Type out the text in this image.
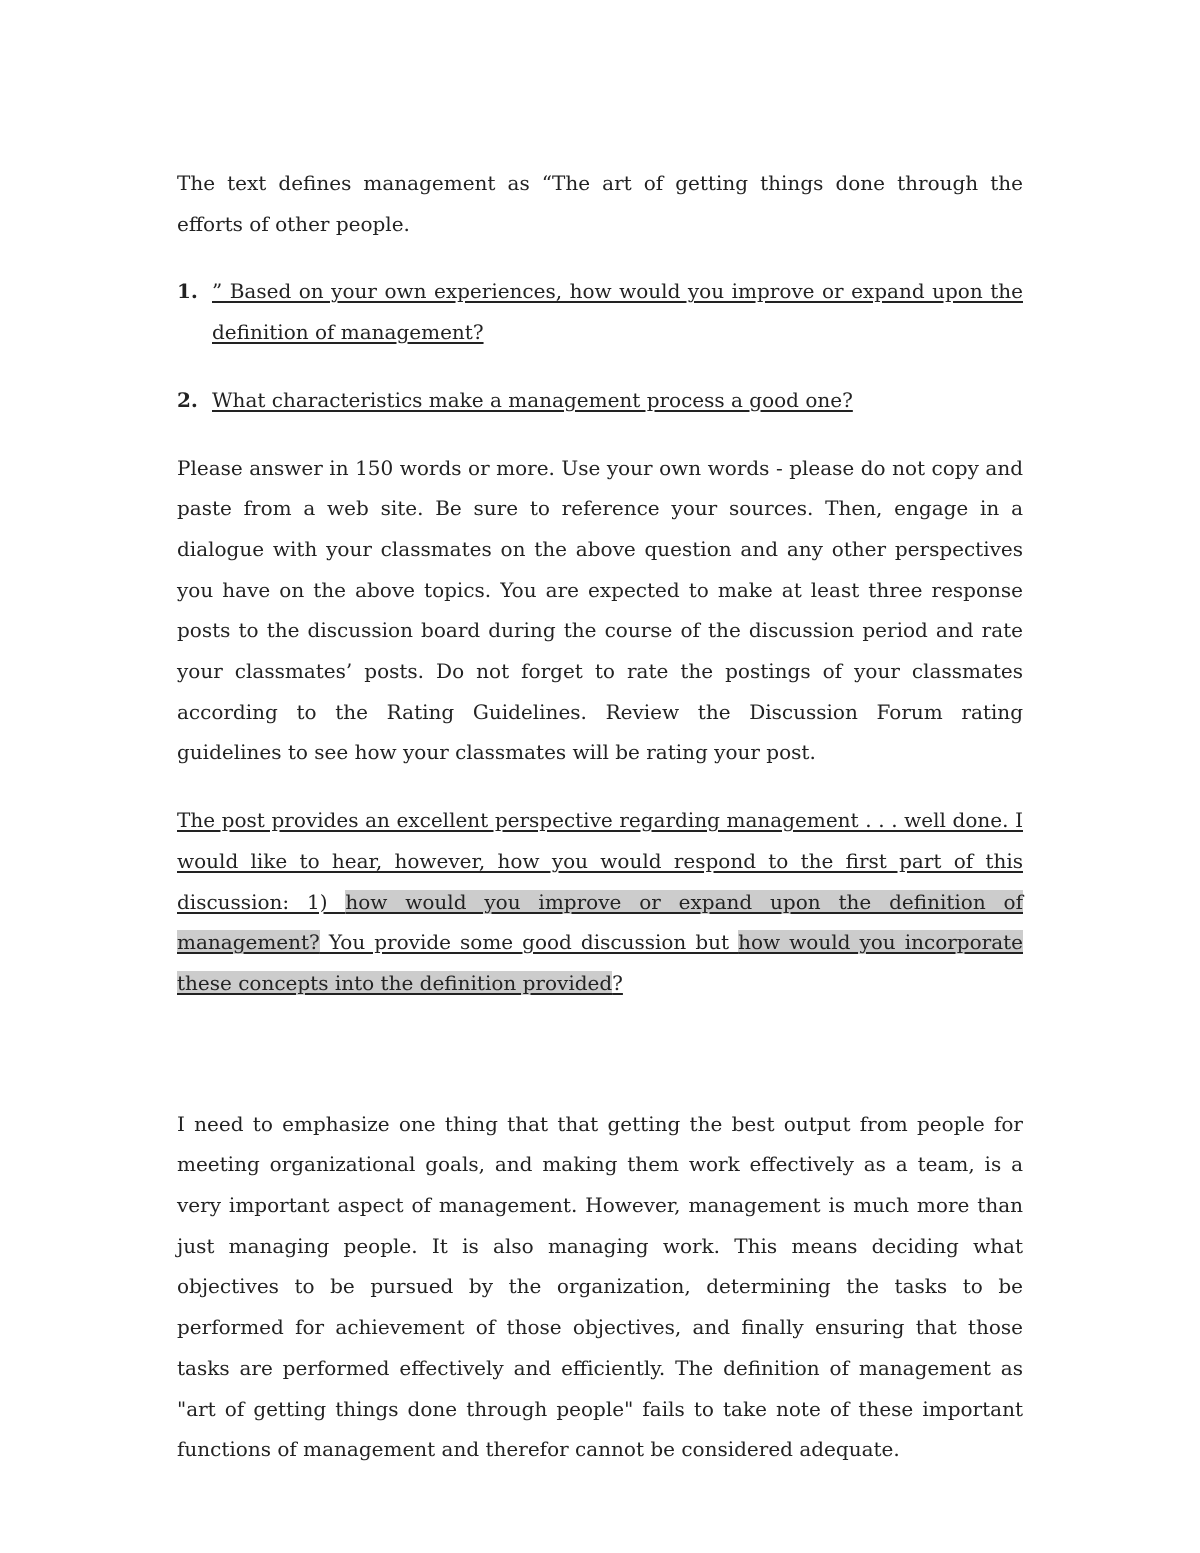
The text defines management as “The art of getting things done through the efforts of other people.

1. ” Based on your own experiences, how would you improve or expand upon the definition of management?
2. What characteristics make a management process a good one?

Please answer in 150 words or more. Use your own words - please do not copy and paste from a web site. Be sure to reference your sources. Then, engage in a dialogue with your classmates on the above question and any other perspectives you have on the above topics. You are expected to make at least three response posts to the discussion board during the course of the discussion period and rate your classmates’ posts. Do not forget to rate the postings of your classmates according to the Rating Guidelines. Review the Discussion Forum rating guidelines to see how your classmates will be rating your post.

The post provides an excellent perspective regarding management . . . well done. I would like to hear, however, how you would respond to the first part of this discussion: 1) how would you improve or expand upon the definition of management? You provide some good discussion but how would you incorporate these concepts into the definition provided?

I need to emphasize one thing that that getting the best output from people for meeting organizational goals, and making them work effectively as a team, is a very important aspect of management. However, management is much more than just managing people. It is also managing work. This means deciding what objectives to be pursued by the organization, determining the tasks to be performed for achievement of those objectives, and finally ensuring that those tasks are performed effectively and efficiently. The definition of management as "art of getting things done through people" fails to take note of these important functions of management and therefor cannot be considered adequate.
